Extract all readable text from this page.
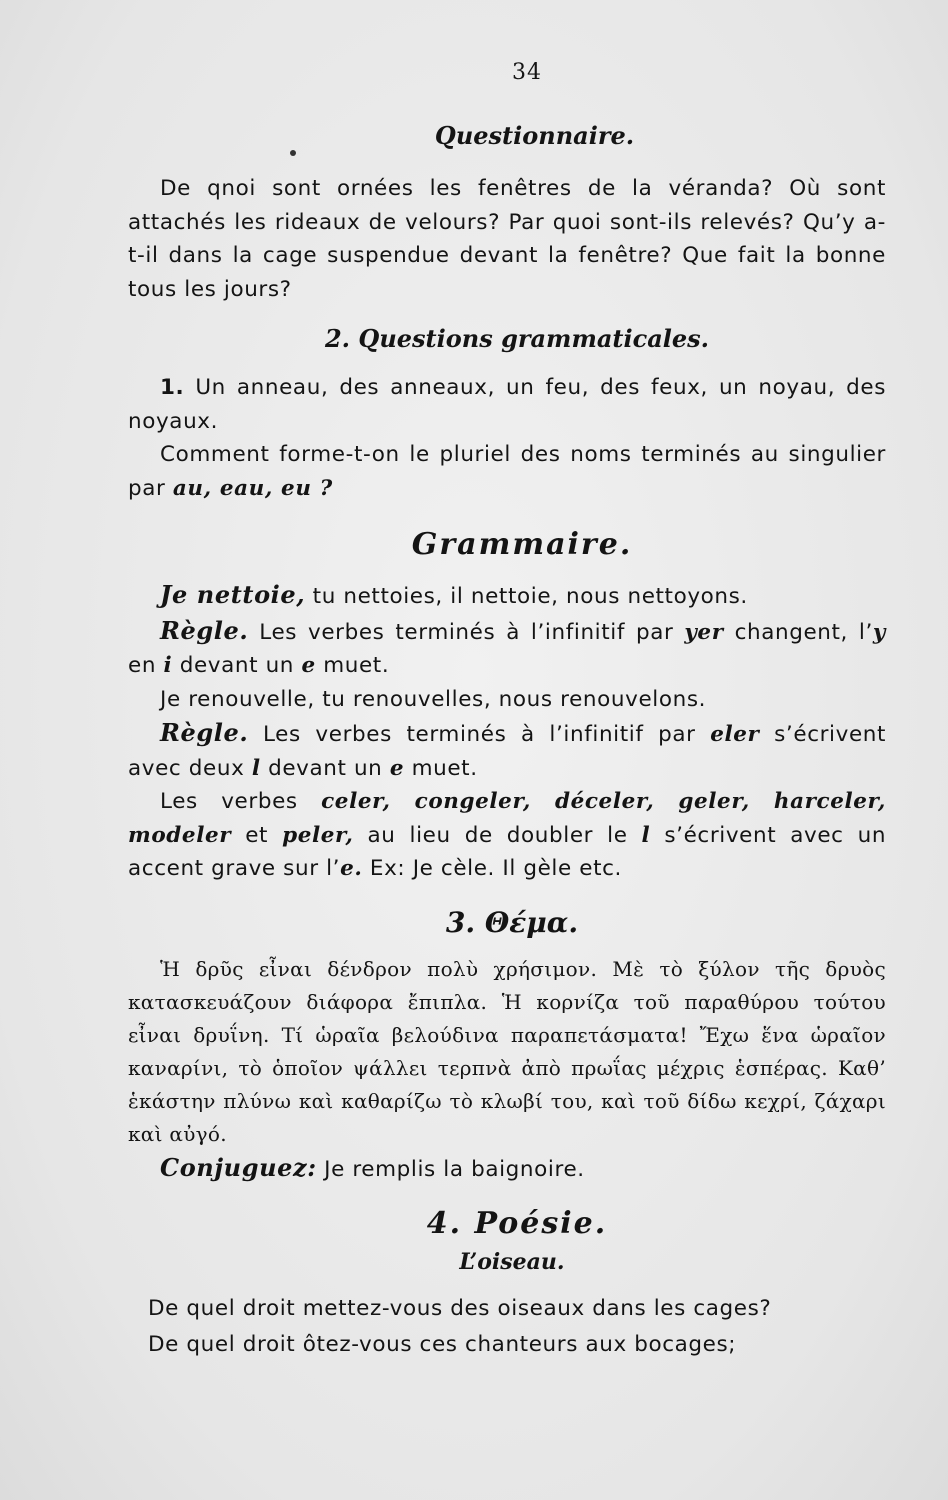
34
Questionnaire.

De qnoi sont ornées les fenêtres de la véranda? Où sont attachés les rideaux de velours? Par quoi sont-ils relevés? Qu’y a-t-il dans la cage suspendue devant la fenêtre? Que fait la bonne tous les jours?

2. Questions grammaticales.

1. Un anneau, des anneaux, un feu, des feux, un noyau, des noyaux.

Comment forme-t-on le pluriel des noms terminés au singulier par au, eau, eu ?

Grammaire.

Je nettoie, tu nettoies, il nettoie, nous nettoyons.

Règle. Les verbes terminés à l’infinitif par yer changent, l’y en i devant un e muet.

Je renouvelle, tu renouvelles, nous renouvelons.

Règle. Les verbes terminés à l’infinitif par eler s’écrivent avec deux l devant un e muet.

Les verbes celer, congeler, déceler, geler, harceler, modeler et peler, au lieu de doubler le l s’écrivent avec un accent grave sur l’e. Ex: Je cèle. Il gèle etc.

3. Θέμα.

Ἡ δρῦς εἶναι δένδρον πολὺ χρήσιμον. Μὲ τὸ ξύλον τῆς δρυὸς κατασκευάζουν διάφορα ἔπιπλα. Ἡ κορνίζα τοῦ παραθύρου τούτου εἶναι δρυΐνη. Τί ὡραῖα βελούδινα παραπετάσματα! Ἔχω ἕνα ὡραῖον καναρίνι, τὸ ὁποῖον ψάλλει τερπνὰ ἀπὸ πρωΐας μέχρις ἑσπέρας. Καθ’ ἑκάστην πλύνω καὶ καθαρίζω τὸ κλωβί του, καὶ τοῦ δίδω κεχρί, ζάχαρι καὶ αὐγό.

Conjuguez: Je remplis la baignoire.

4. Poésie.
L’oiseau.

De quel droit mettez-vous des oiseaux dans les cages?

De quel droit ôtez-vous ces chanteurs aux bocages;
